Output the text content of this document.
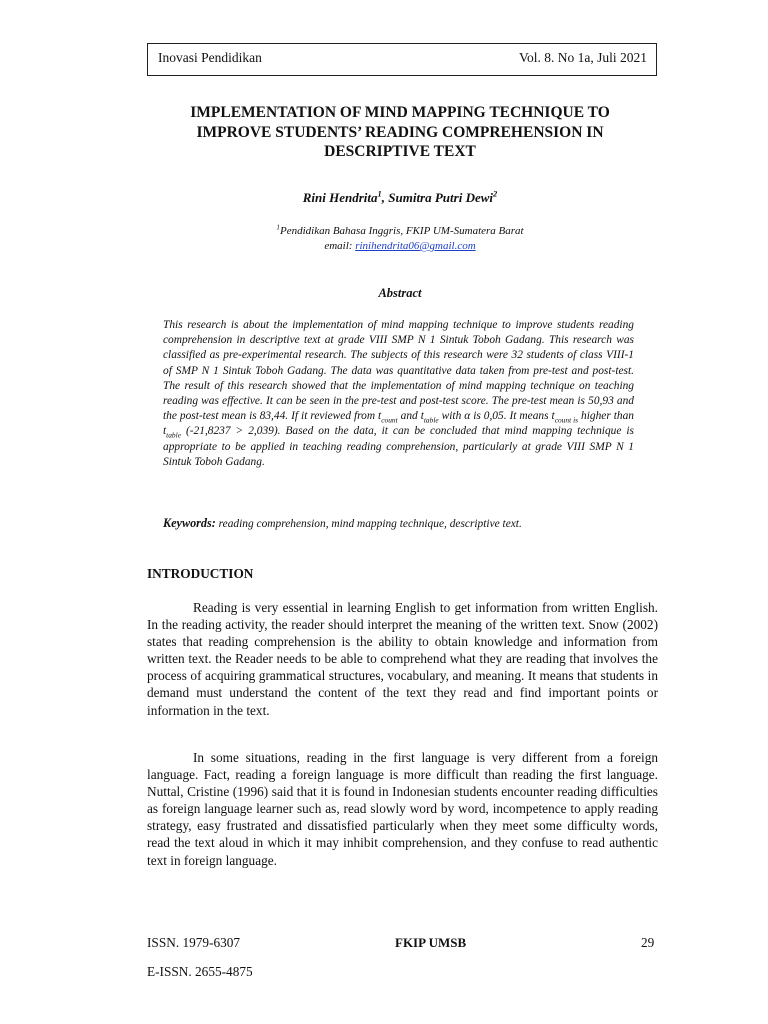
Inovasi Pendidikan	Vol. 8. No 1a, Juli 2021
IMPLEMENTATION OF MIND MAPPING TECHNIQUE TO
IMPROVE STUDENTS’ READING COMPREHENSION IN
DESCRIPTIVE TEXT
Rini Hendrita$^1$, Sumitra Putri Dewi$^2$
$^1$Pendidikan Bahasa Inggris, FKIP UM-Sumatera Barat
email: rinihendrita06@gmail.com
Abstract

This research is about the implementation of mind mapping technique to improve students reading comprehension in descriptive text at grade VIII SMP N 1 Sintuk Toboh Gadang. This research was classified as pre-experimental research. The subjects of this research were 32 students of class VIII-1 of SMP N 1 Sintuk Toboh Gadang. The data was quantitative data taken from pre-test and post-test. The result of this research showed that the implementation of mind mapping technique on teaching reading was effective. It can be seen in the pre-test and post-test score. The pre-test mean is 50,93 and the post-test mean is 83,44. If it reviewed from $t_{count}$ and $t_{table}$ with α is 0,05. It means $t_{count is}$ higher than $t_{table}$ (-21,8237 > 2,039). Based on the data, it can be concluded that mind mapping technique is appropriate to be applied in teaching reading comprehension, particularly at grade VIII SMP N 1 Sintuk Toboh Gadang.

Keywords: reading comprehension, mind mapping technique, descriptive text.
INTRODUCTION

Reading is very essential in learning English to get information from written English. In the reading activity, the reader should interpret the meaning of the written text. Snow (2002) states that reading comprehension is the ability to obtain knowledge and information from written text. the Reader needs to be able to comprehend what they are reading that involves the process of acquiring grammatical structures, vocabulary, and meaning. It means that students in demand must understand the content of the text they read and find important points or information in the text.

In some situations, reading in the first language is very different from a foreign language. Fact, reading a foreign language is more difficult than reading the first language. Nuttal, Cristine (1996) said that it is found in Indonesian students encounter reading difficulties as foreign language learner such as, read slowly word by word, incompetence to apply reading strategy, easy frustrated and dissatisfied particularly when they meet some difficulty words, read the text aloud in which it may inhibit comprehension, and they confuse to read authentic text in foreign language.

ISSN. 1979-6307	FKIP UMSB	29
E-ISSN. 2655-4875
